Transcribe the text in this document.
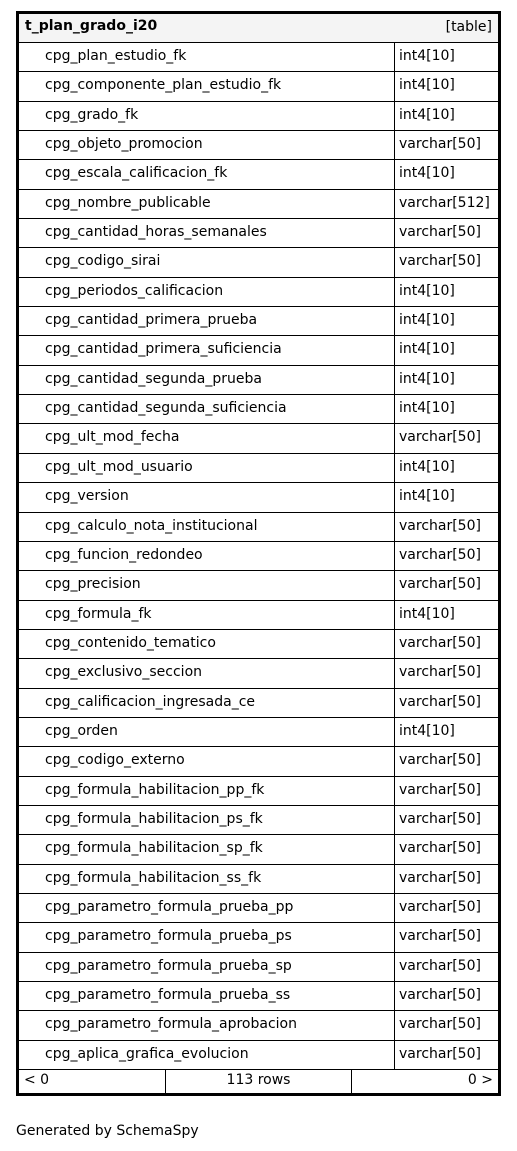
t_plan_grado_i20	[table]
cpg_plan_estudio_fk	int4[10]
cpg_componente_plan_estudio_fk	int4[10]
cpg_grado_fk	int4[10]
cpg_objeto_promocion	varchar[50]
cpg_escala_calificacion_fk	int4[10]
cpg_nombre_publicable	varchar[512]
cpg_cantidad_horas_semanales	varchar[50]
cpg_codigo_sirai	varchar[50]
cpg_periodos_calificacion	int4[10]
cpg_cantidad_primera_prueba	int4[10]
cpg_cantidad_primera_suficiencia	int4[10]
cpg_cantidad_segunda_prueba	int4[10]
cpg_cantidad_segunda_suficiencia	int4[10]
cpg_ult_mod_fecha	varchar[50]
cpg_ult_mod_usuario	int4[10]
cpg_version	int4[10]
cpg_calculo_nota_institucional	varchar[50]
cpg_funcion_redondeo	varchar[50]
cpg_precision	varchar[50]
cpg_formula_fk	int4[10]
cpg_contenido_tematico	varchar[50]
cpg_exclusivo_seccion	varchar[50]
cpg_calificacion_ingresada_ce	varchar[50]
cpg_orden	int4[10]
cpg_codigo_externo	varchar[50]
cpg_formula_habilitacion_pp_fk	varchar[50]
cpg_formula_habilitacion_ps_fk	varchar[50]
cpg_formula_habilitacion_sp_fk	varchar[50]
cpg_formula_habilitacion_ss_fk	varchar[50]
cpg_parametro_formula_prueba_pp	varchar[50]
cpg_parametro_formula_prueba_ps	varchar[50]
cpg_parametro_formula_prueba_sp	varchar[50]
cpg_parametro_formula_prueba_ss	varchar[50]
cpg_parametro_formula_aprobacion	varchar[50]
cpg_aplica_grafica_evolucion	varchar[50]
< 0	113 rows	0 >
Generated by SchemaSpy
